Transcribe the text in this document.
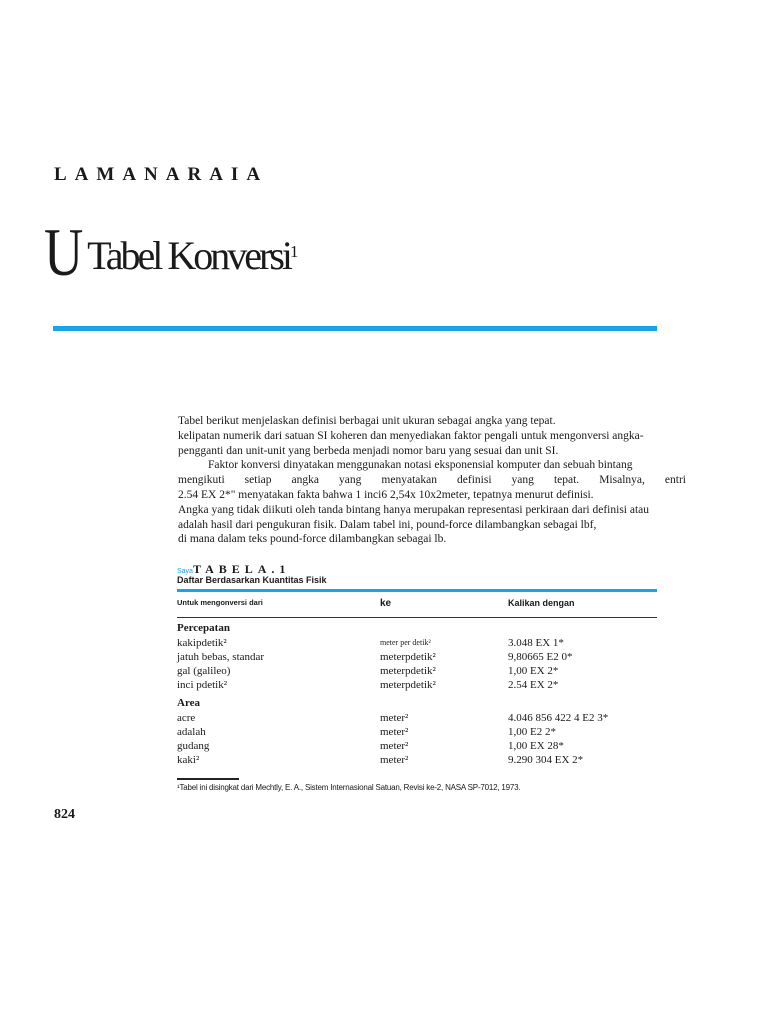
LAMANARAIA
UTabel Konversi$^1$

Tabel berikut menjelaskan definisi berbagai unit ukuran sebagai angka yang tepat.

kelipatan numerik dari satuan SI koheren dan menyediakan faktor pengali untuk mengonversi angka-

pengganti dan unit-unit yang berbeda menjadi nomor baru yang sesuai dan unit SI.

Faktor konversi dinyatakan menggunakan notasi eksponensial komputer dan sebuah bintang

mengikuti setiap angka yang menyatakan definisi yang tepat. Misalnya, entri

2.54 EX 2*" menyatakan fakta bahwa 1 inci6 2,54x 10x2meter, tepatnya menurut definisi.

Angka yang tidak diikuti oleh tanda bintang hanya merupakan representasi perkiraan dari definisi atau

adalah hasil dari pengukuran fisik. Dalam tabel ini, pound-force dilambangkan sebagai lbf,

di mana dalam teks pound-force dilambangkan sebagai lb.

SayaTABELA.1
Daftar Berdasarkan Kuantitas Fisik
Untuk mengonversi dari	ke	Kalikan dengan
Percepatan
kakipdetik²	meter per detik²	3.048 EX 1*
jatuh bebas, standar	meterpdetik²	9,80665 E2 0*
gal (galileo)	meterpdetik²	1,00 EX 2*
inci pdetik²	meterpdetik²	2.54 EX 2*
Area
acre	meter²	4.046 856 422 4 E2 3*
adalah	meter²	1,00 E2 2*
gudang	meter²	1,00 EX 28*
kaki²	meter²	9.290 304 EX 2*
¹Tabel ini disingkat dari Mechtly, E. A., Sistem Internasional Satuan, Revisi ke-2, NASA SP-7012, 1973.
824
